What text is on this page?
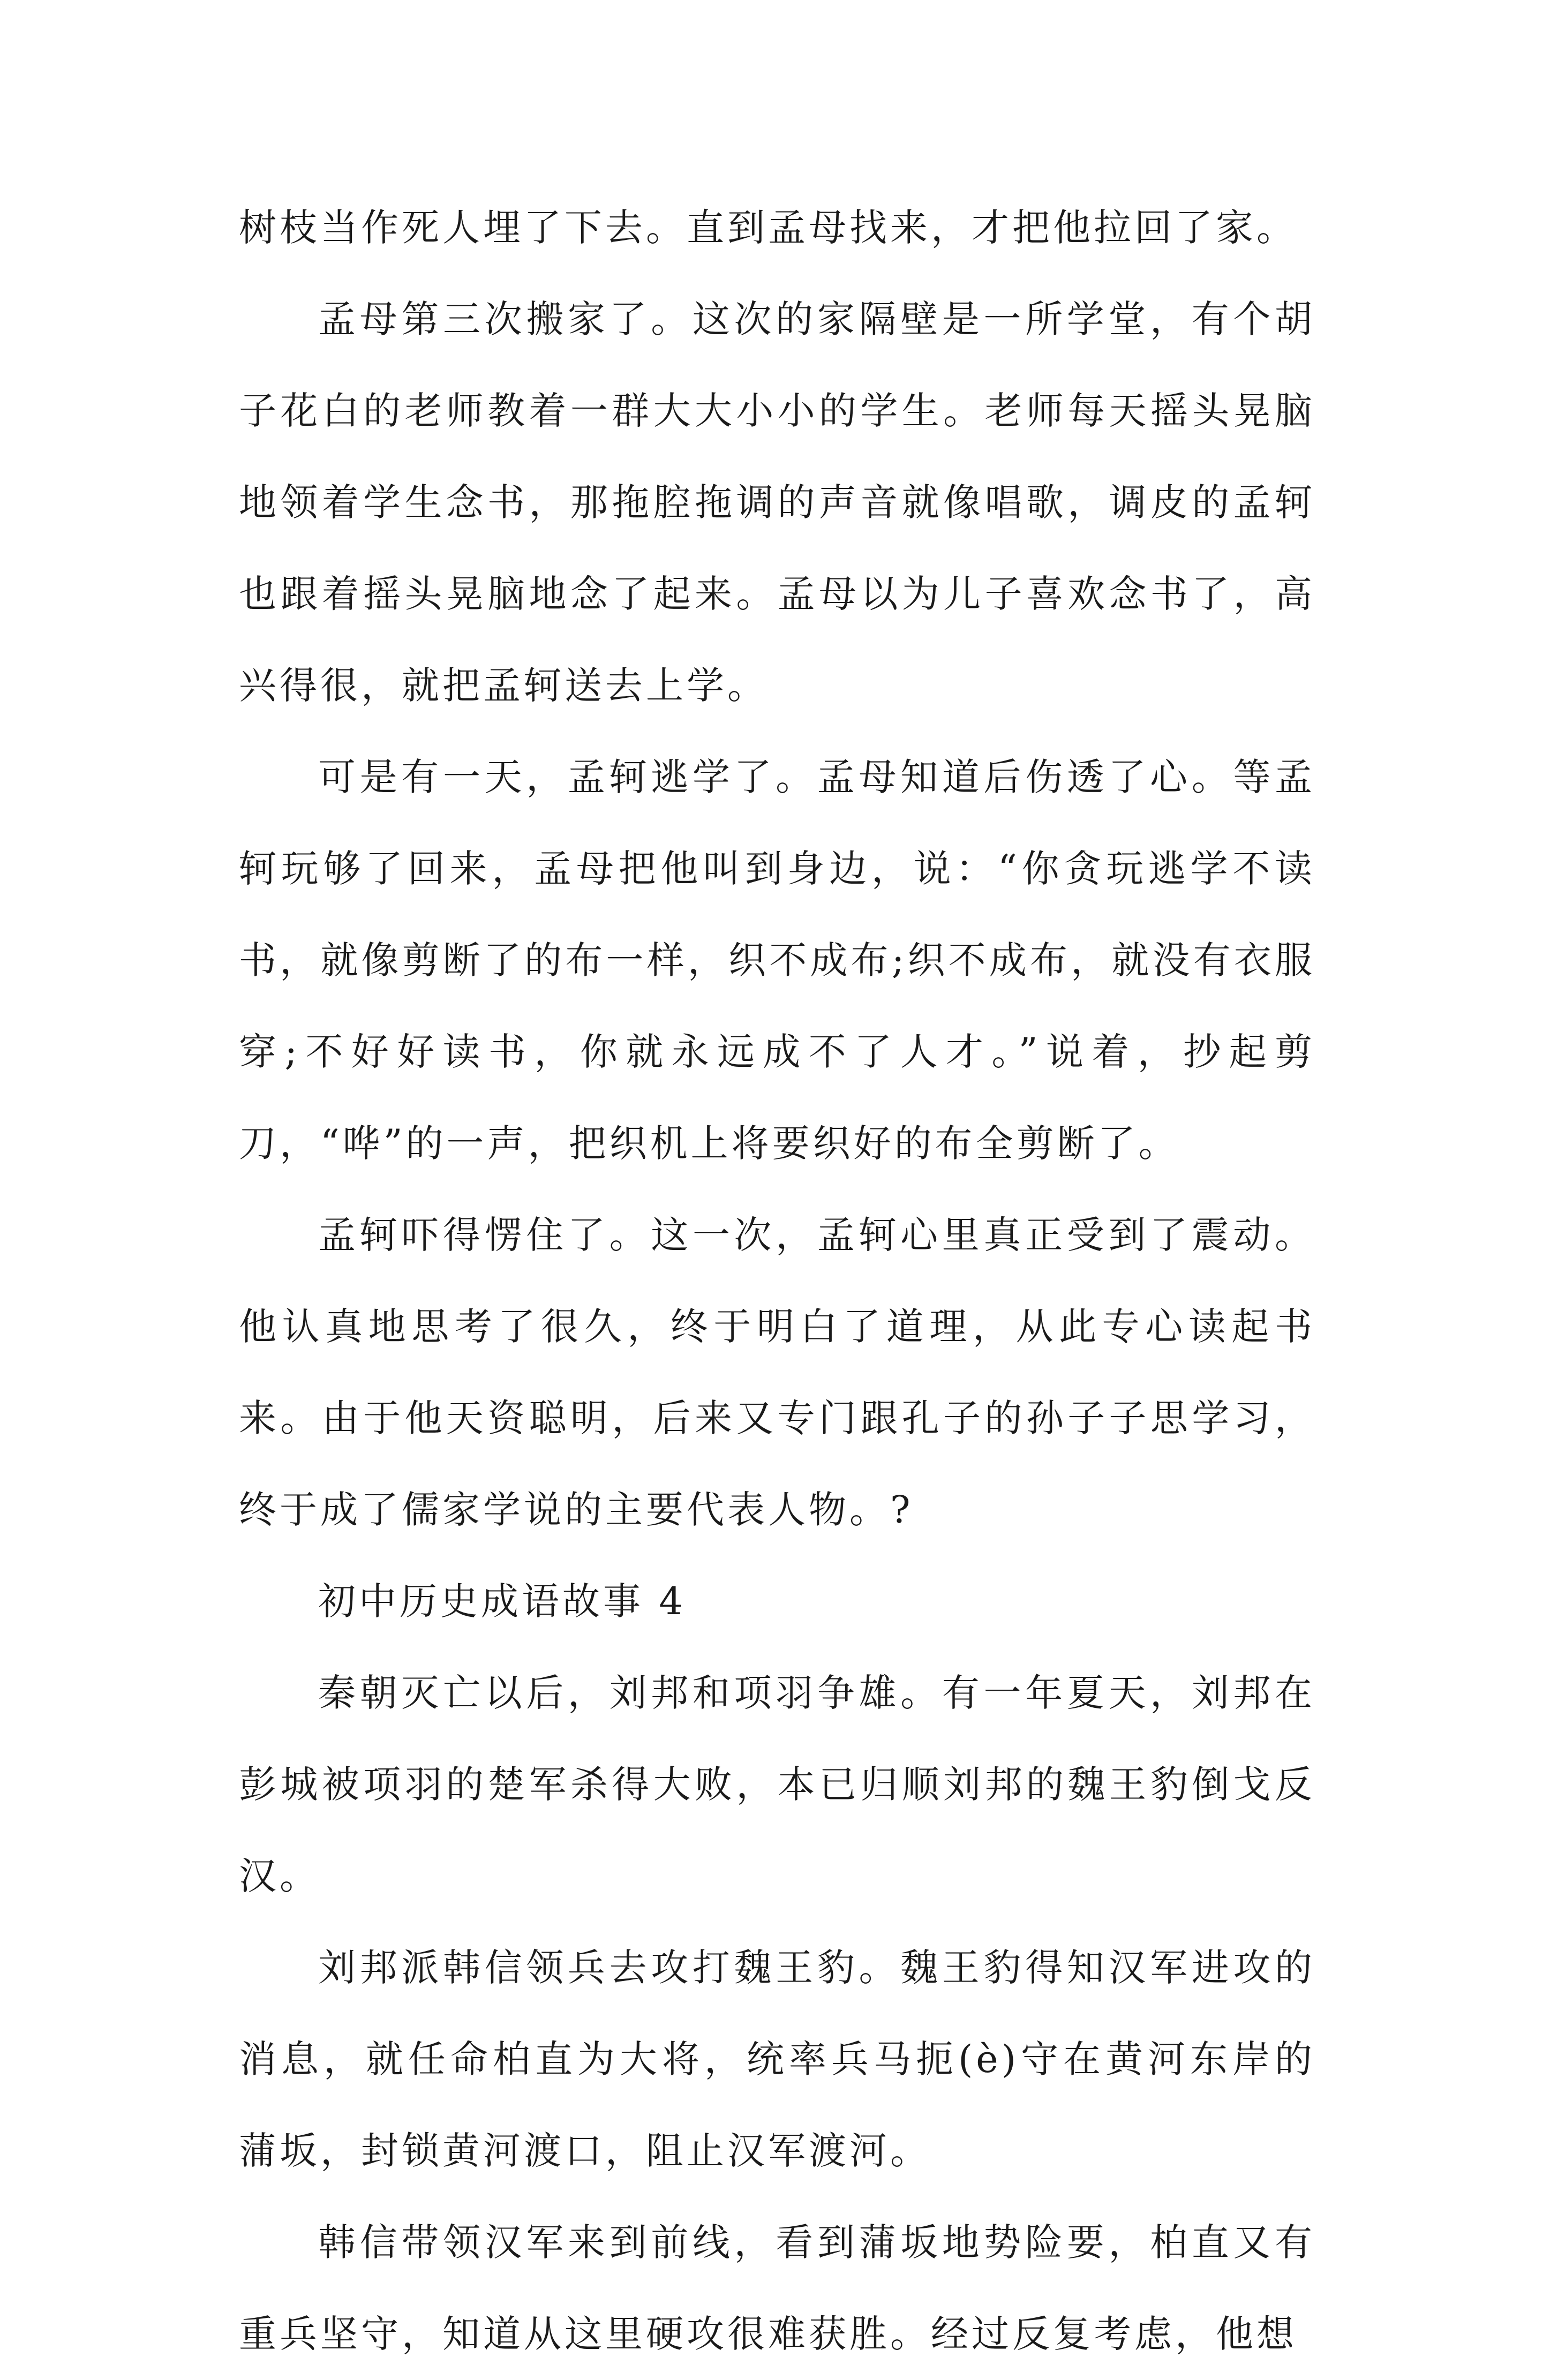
树枝当作死人埋了下去。直到孟母找来，才把他拉回了家。

孟母第三次搬家了。这次的家隔壁是一所学堂，有个胡子花白的老师教着一群大大小小的学生。老师每天摇头晃脑地领着学生念书，那拖腔拖调的声音就像唱歌，调皮的孟轲也跟着摇头晃脑地念了起来。孟母以为儿子喜欢念书了，高兴得很，就把孟轲送去上学。

可是有一天，孟轲逃学了。孟母知道后伤透了心。等孟轲玩够了回来，孟母把他叫到身边，说：“你贪玩逃学不读书，就像剪断了的布一样，织不成布;织不成布，就没有衣服穿;不好好读书，你就永远成不了人才。”说着，抄起剪刀，“哗”的一声，把织机上将要织好的布全剪断了。

孟轲吓得愣住了。这一次，孟轲心里真正受到了震动。他认真地思考了很久，终于明白了道理，从此专心读起书来。由于他天资聪明，后来又专门跟孔子的孙子子思学习，终于成了儒家学说的主要代表人物。?

初中历史成语故事 4

秦朝灭亡以后，刘邦和项羽争雄。有一年夏天，刘邦在彭城被项羽的楚军杀得大败，本已归顺刘邦的魏王豹倒戈反汉。

刘邦派韩信领兵去攻打魏王豹。魏王豹得知汉军进攻的消息，就任命柏直为大将，统率兵马扼(è)守在黄河东岸的蒲坂，封锁黄河渡口，阻止汉军渡河。

韩信带领汉军来到前线，看到蒲坂地势险要，柏直又有重兵坚守，知道从这里硬攻很难获胜。经过反复考虑，他想
